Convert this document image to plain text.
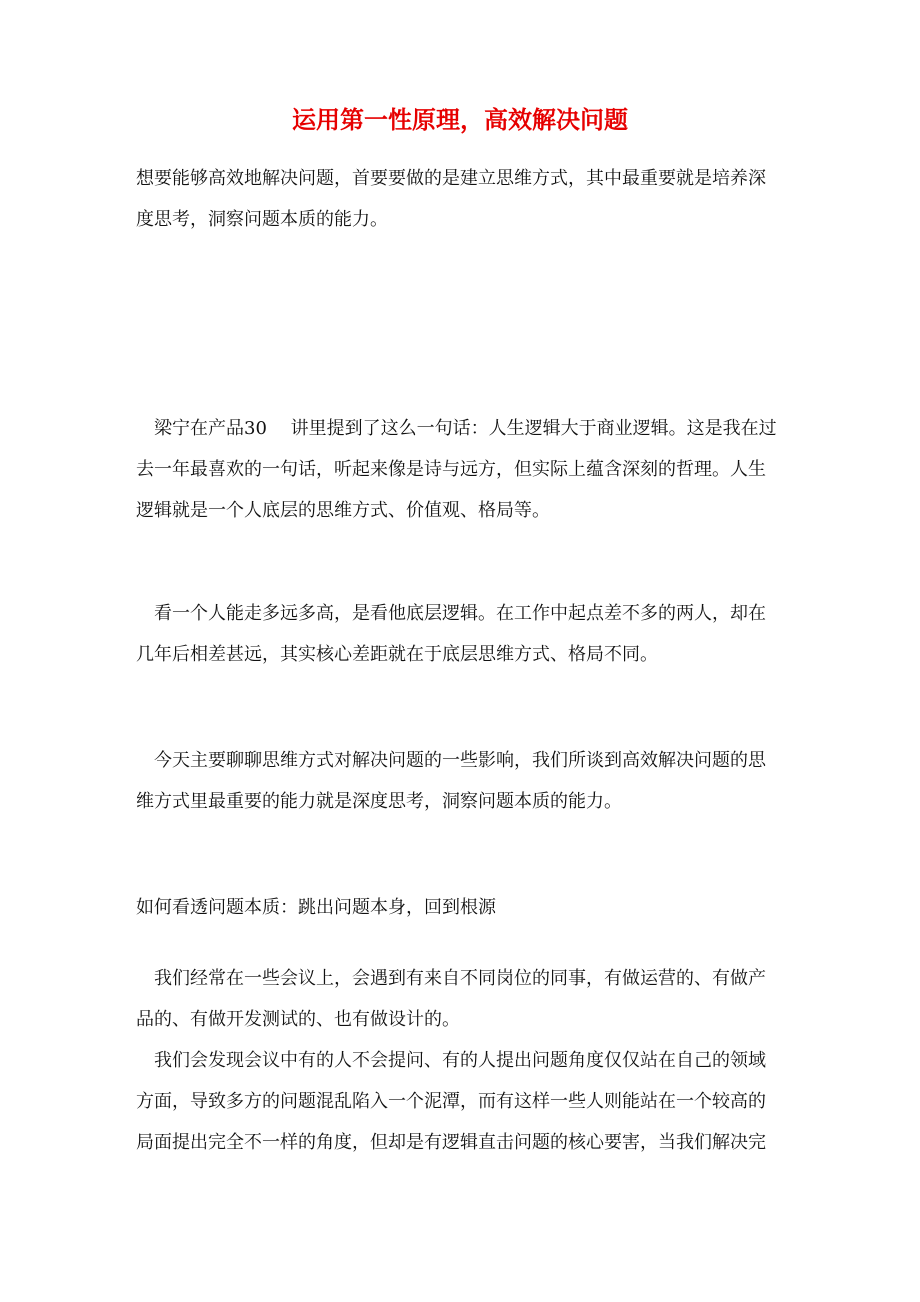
运用第一性原理，高效解决问题
想要能够高效地解决问题，首要要做的是建立思维方式，其中最重要就是培养深
度思考，洞察问题本质的能力。
　梁宁在产品30　 讲里提到了这么一句话：人生逻辑大于商业逻辑。这是我在过
去一年最喜欢的一句话，听起来像是诗与远方，但实际上蕴含深刻的哲理。人生
逻辑就是一个人底层的思维方式、价值观、格局等。
　看一个人能走多远多高，是看他底层逻辑。在工作中起点差不多的两人，却在
几年后相差甚远，其实核心差距就在于底层思维方式、格局不同。
　今天主要聊聊思维方式对解决问题的一些影响，我们所谈到高效解决问题的思
维方式里最重要的能力就是深度思考，洞察问题本质的能力。
如何看透问题本质：跳出问题本身，回到根源
　我们经常在一些会议上，会遇到有来自不同岗位的同事，有做运营的、有做产
品的、有做开发测试的、也有做设计的。
　我们会发现会议中有的人不会提问、有的人提出问题角度仅仅站在自己的领域
方面，导致多方的问题混乱陷入一个泥潭，而有这样一些人则能站在一个较高的
局面提出完全不一样的角度，但却是有逻辑直击问题的核心要害，当我们解决完
